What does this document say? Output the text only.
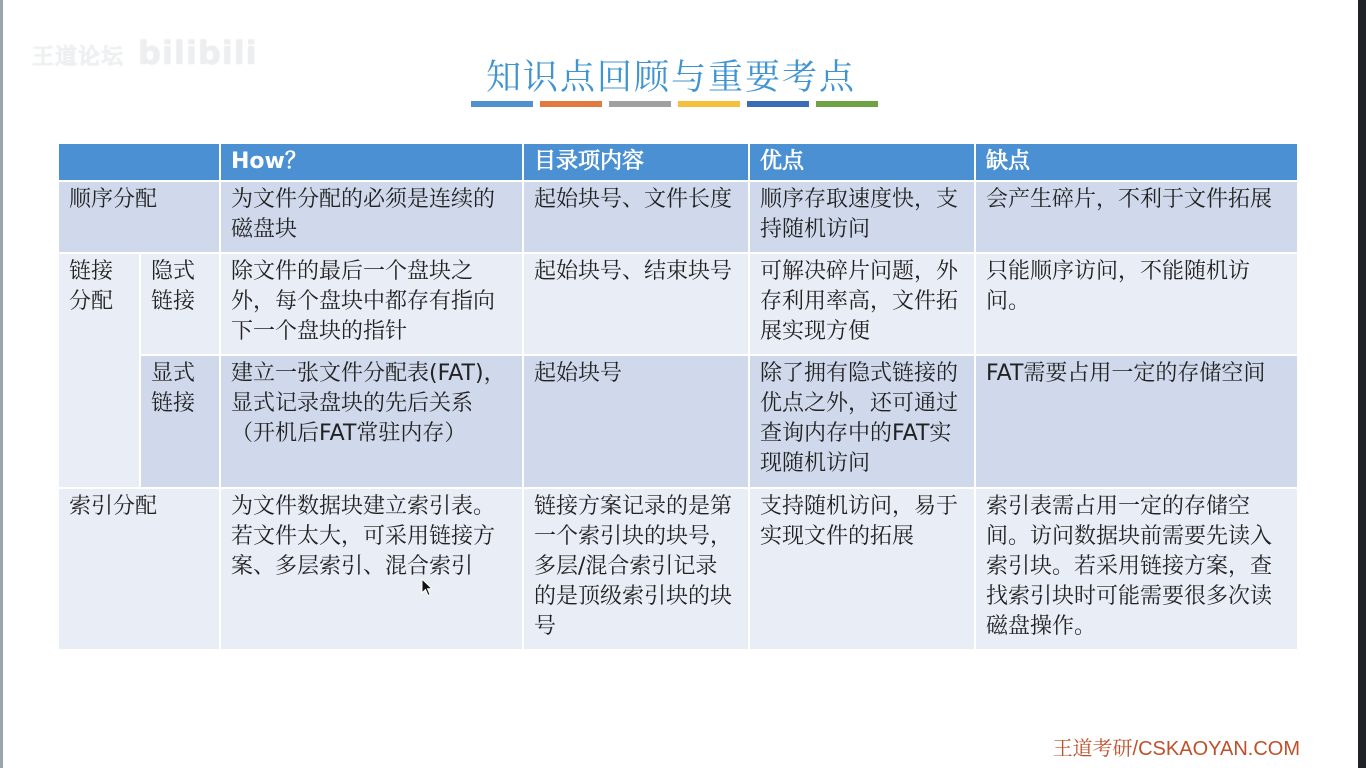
王道论坛 bilibili
知识点回顾与重要考点
		How？	目录项内容	优点	缺点
顺序分配		为文件分配的必须是连续的磁盘块	起始块号、文件长度	顺序存取速度快，支持随机访问	会产生碎片，不利于文件拓展
链接分配	隐式链接	除文件的最后一个盘块之外，每个盘块中都存有指向下一个盘块的指针	起始块号、结束块号	可解决碎片问题，外存利用率高，文件拓展实现方便	只能顺序访问，不能随机访问。
	显式链接	建立一张文件分配表(FAT)，显式记录盘块的先后关系（开机后FAT常驻内存）	起始块号	除了拥有隐式链接的优点之外，还可通过查询内存中的FAT实现随机访问	FAT需要占用一定的存储空间
索引分配		为文件数据块建立索引表。若文件太大，可采用链接方案、多层索引、混合索引	链接方案记录的是第一个索引块的块号，多层/混合索引记录的是顶级索引块的块号	支持随机访问，易于实现文件的拓展	索引表需占用一定的存储空间。访问数据块前需要先读入索引块。若采用链接方案，查找索引块时可能需要很多次读磁盘操作。
王道考研/CSKAOYAN.COM
